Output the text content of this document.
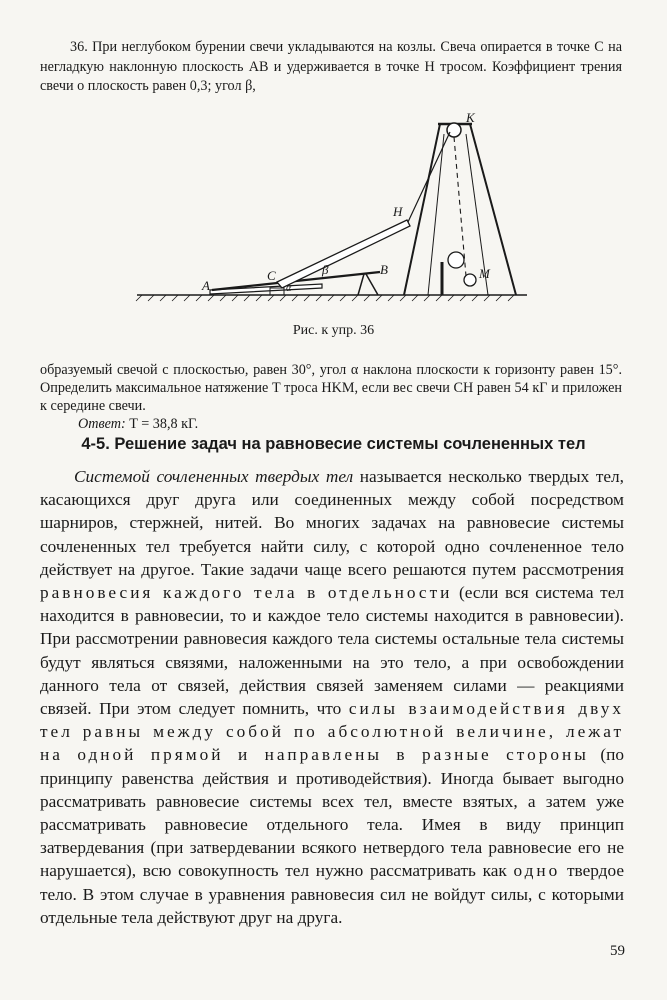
36. При неглубоком бурении свечи укладываются на козлы. Свеча опирается в точке C на негладкую наклонную плоскость AB и удерживается в точке H тросом. Коэффициент трения свечи о плоскость равен 0,3; угол β,

A
B
C
H
K
M
β
α
Рис. к упр. 36

образуемый свечой с плоскостью, равен 30°, угол α наклона плоскости к горизонту равен 15°. Определить максимальное натяжение T троса HKM, если вес свечи CH равен 54 кГ и приложен к середине свечи.

Ответ: T = 38,8 кГ.

4-5. Решение задач на равновесие системы сочлененных тел

Системой сочлененных твердых тел называется несколько твердых тел, касающихся друг друга или соединенных между собой посредством шарниров, стержней, нитей. Во многих задачах на равновесие системы сочлененных тел требуется найти силу, с которой одно сочлененное тело действует на другое. Такие задачи чаще всего решаются путем рассмотрения равновесия каждого тела в отдельности (если вся система тел находится в равновесии, то и каждое тело системы находится в равновесии). При рассмотрении равновесия каждого тела системы остальные тела системы будут являться связями, наложенными на это тело, а при освобождении данного тела от связей, действия связей заменяем силами — реакциями связей. При этом следует помнить, что силы взаимодействия двух тел равны между собой по абсолютной величине, лежат на одной прямой и направлены в разные стороны (по принципу равенства действия и противодействия). Иногда бывает выгодно рассматривать равновесие системы всех тел, вместе взятых, а затем уже рассматривать равновесие отдельного тела. Имея в виду принцип затвердевания (при затвердевании всякого нетвердого тела равновесие его не нарушается), всю совокупность тел нужно рассматривать как одно твердое тело. В этом случае в уравнения равновесия сил не войдут силы, с которыми отдельные тела действуют друг на друга.

59
